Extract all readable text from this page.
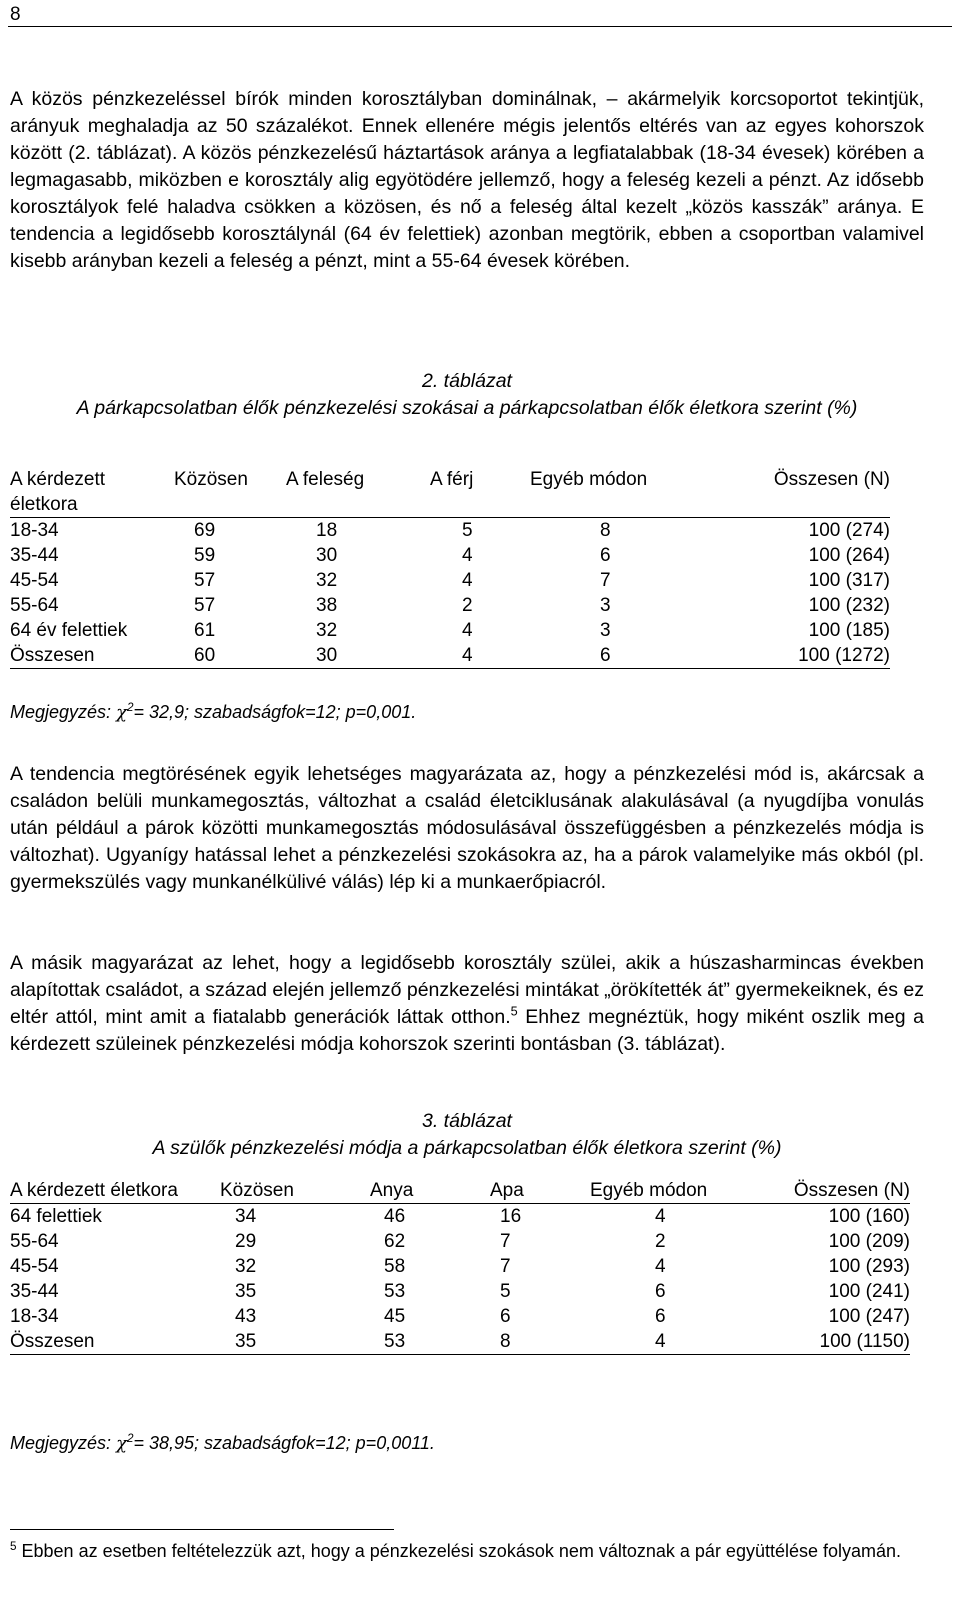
8

A közös pénzkezeléssel bírók minden korosztályban dominálnak, – akármelyik korcsoportot tekintjük, arányuk meghaladja az 50 százalékot. Ennek ellenére mégis jelentős eltérés van az egyes kohorszok között (2. táblázat). A közös pénzkezelésű háztartások aránya a legfiatalabbak (18-34 évesek) körében a legmagasabb, miközben e korosztály alig egyötödére jellemző, hogy a feleség kezeli a pénzt. Az idősebb korosztályok felé haladva csökken a közösen, és nő a feleség által kezelt „közös kasszák” aránya. E tendencia a legidősebb korosztálynál (64 év felettiek) azonban megtörik, ebben a csoportban valamivel kisebb arányban kezeli a feleség a pénzt, mint a 55-64 évesek körében.

2. táblázat
A párkapcsolatban élők pénzkezelési szokásai a párkapcsolatban élők életkora szerint (%)
A kérdezett életkora	Közösen	A feleség	A férj	Egyéb módon	Összesen (N)
18-34	69	18	5	8	100 (274)
35-44	59	30	4	6	100 (264)
45-54	57	32	4	7	100 (317)
55-64	57	38	2	3	100 (232)
64 év felettiek	61	32	4	3	100 (185)
Összesen	60	30	4	6	100 (1272)
Megjegyzés: $\chi^2= 32,9$; szabadságfok=12; p=0,001.

A tendencia megtörésének egyik lehetséges magyarázata az, hogy a pénzkezelési mód is, akárcsak a családon belüli munkamegosztás, változhat a család életciklusának alakulásával (a nyugdíjba vonulás után például a párok közötti munkamegosztás módosulásával összefüggésben a pénzkezelés módja is változhat). Ugyanígy hatással lehet a pénzkezelési szokásokra az, ha a párok valamelyike más okból (pl. gyermekszülés vagy munkanélkülivé válás) lép ki a munkaerőpiacról.

A másik magyarázat az lehet, hogy a legidősebb korosztály szülei, akik a húszasharmincas években alapítottak családot, a század elején jellemző pénzkezelési mintákat „örökítették át” gyermekeiknek, és ez eltér attól, mint amit a fiatalabb generációk láttak otthon.$^5$ Ehhez megnéztük, hogy miként oszlik meg a kérdezett szüleinek pénzkezelési módja kohorszok szerinti bontásban (3. táblázat).

3. táblázat
A szülők pénzkezelési módja a párkapcsolatban élők életkora szerint (%)
A kérdezett életkora	Közösen	Anya	Apa	Egyéb módon	Összesen (N)
64 felettiek	34	46	16	4	100 (160)
55-64	29	62	7	2	100 (209)
45-54	32	58	7	4	100 (293)
35-44	35	53	5	6	100 (241)
18-34	43	45	6	6	100 (247)
Összesen	35	53	8	4	100 (1150)
Megjegyzés: $\chi^2= 38,95$; szabadságfok=12; p=0,0011.

$^5$ Ebben az esetben feltételezzük azt, hogy a pénzkezelési szokások nem változnak a pár együttélése folyamán.
